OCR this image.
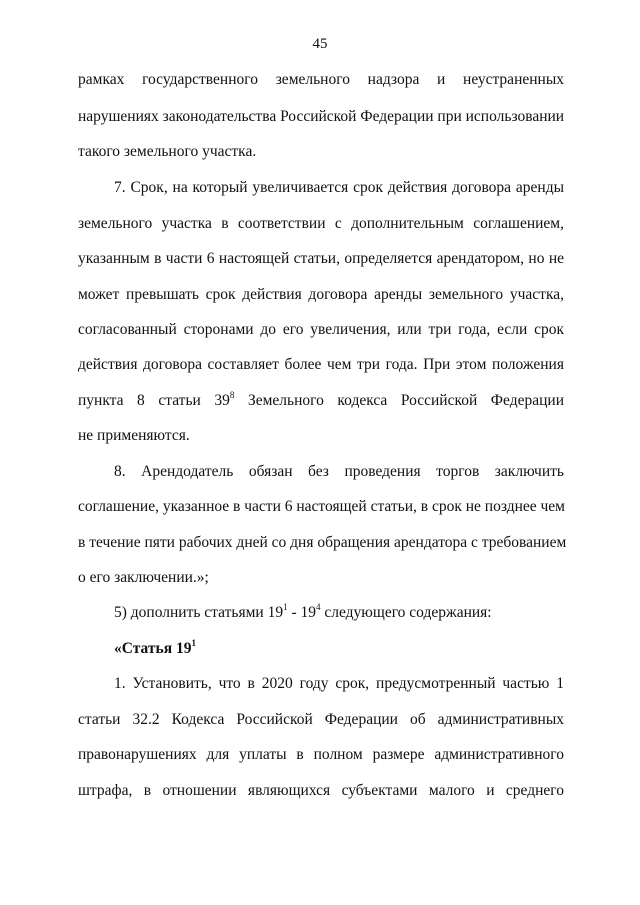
45
рамках государственного земельного надзора и неустраненных
нарушениях законодательства Российской Федерации при использовании
такого земельного участка.
7. Срок, на который увеличивается срок действия договора аренды
земельного участка в соответствии с дополнительным соглашением,
указанным в части 6 настоящей статьи, определяется арендатором, но не
может превышать срок действия договора аренды земельного участка,
согласованный сторонами до его увеличения, или три года, если срок
действия договора составляет более чем три года. При этом положения
пункта 8 статьи $39^8$ Земельного кодекса Российской Федерации
не применяются.
8. Арендодатель обязан без проведения торгов заключить
соглашение, указанное в части 6 настоящей статьи, в срок не позднее чем
в течение пяти рабочих дней со дня обращения арендатора с требованием
о его заключении.»;
5) дополнить статьями $19^1 - 19^4$ следующего содержания:
«Статья $19^1$
1. Установить, что в 2020 году срок, предусмотренный частью 1
статьи 32.2 Кодекса Российской Федерации об административных
правонарушениях для уплаты в полном размере административного
штрафа, в отношении являющихся субъектами малого и среднего
